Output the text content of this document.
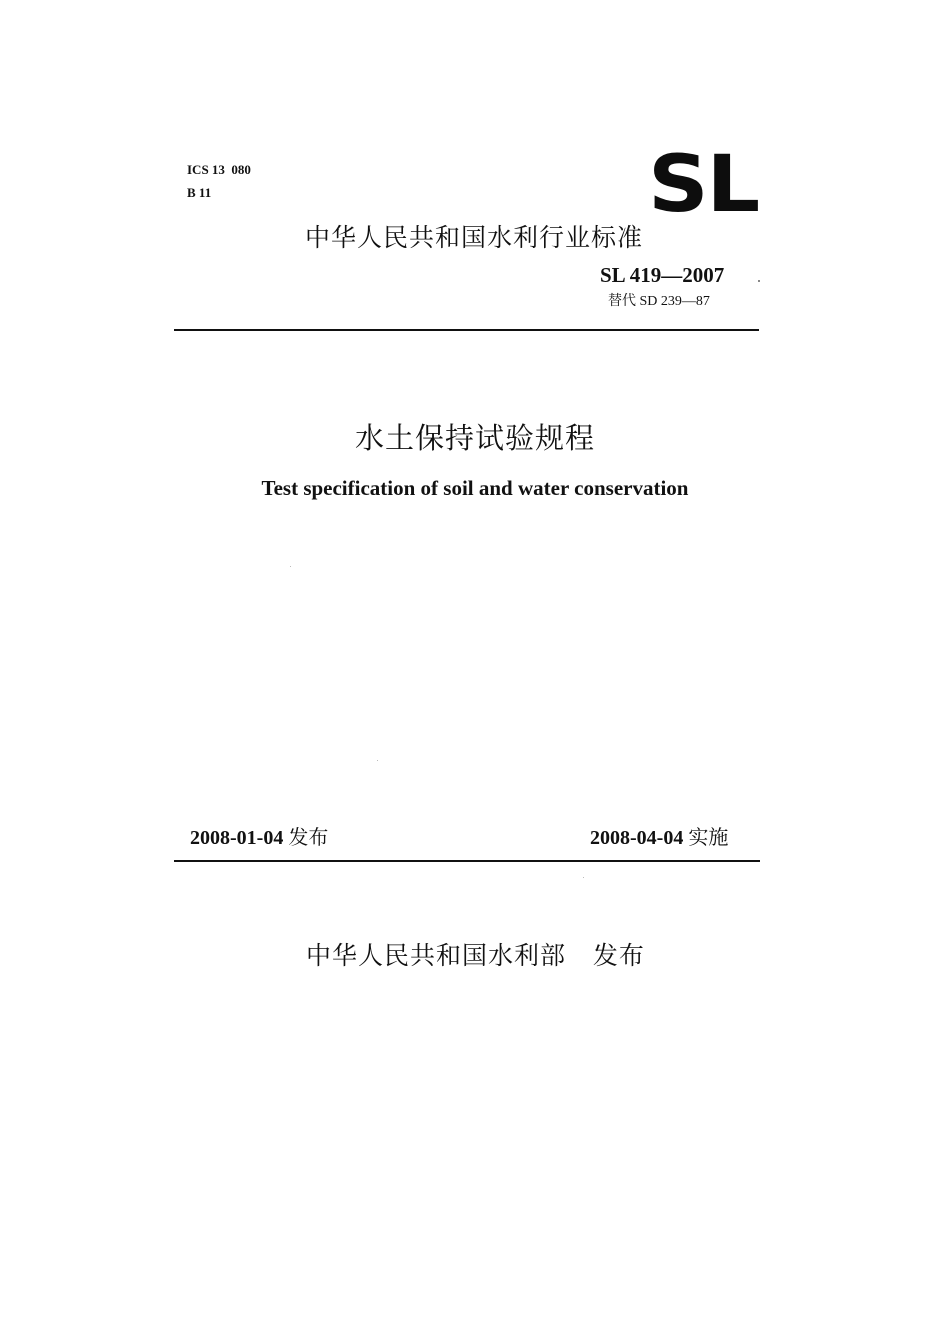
ICS 13  080
B 11	SL
中华人民共和国水利行业标准
SL 419—2007
替代 SD 239—87
水土保持试验规程
Test specification of soil and water conservation
2008-01-04 发布	2008-04-04 实施
中华人民共和国水利部 发布
